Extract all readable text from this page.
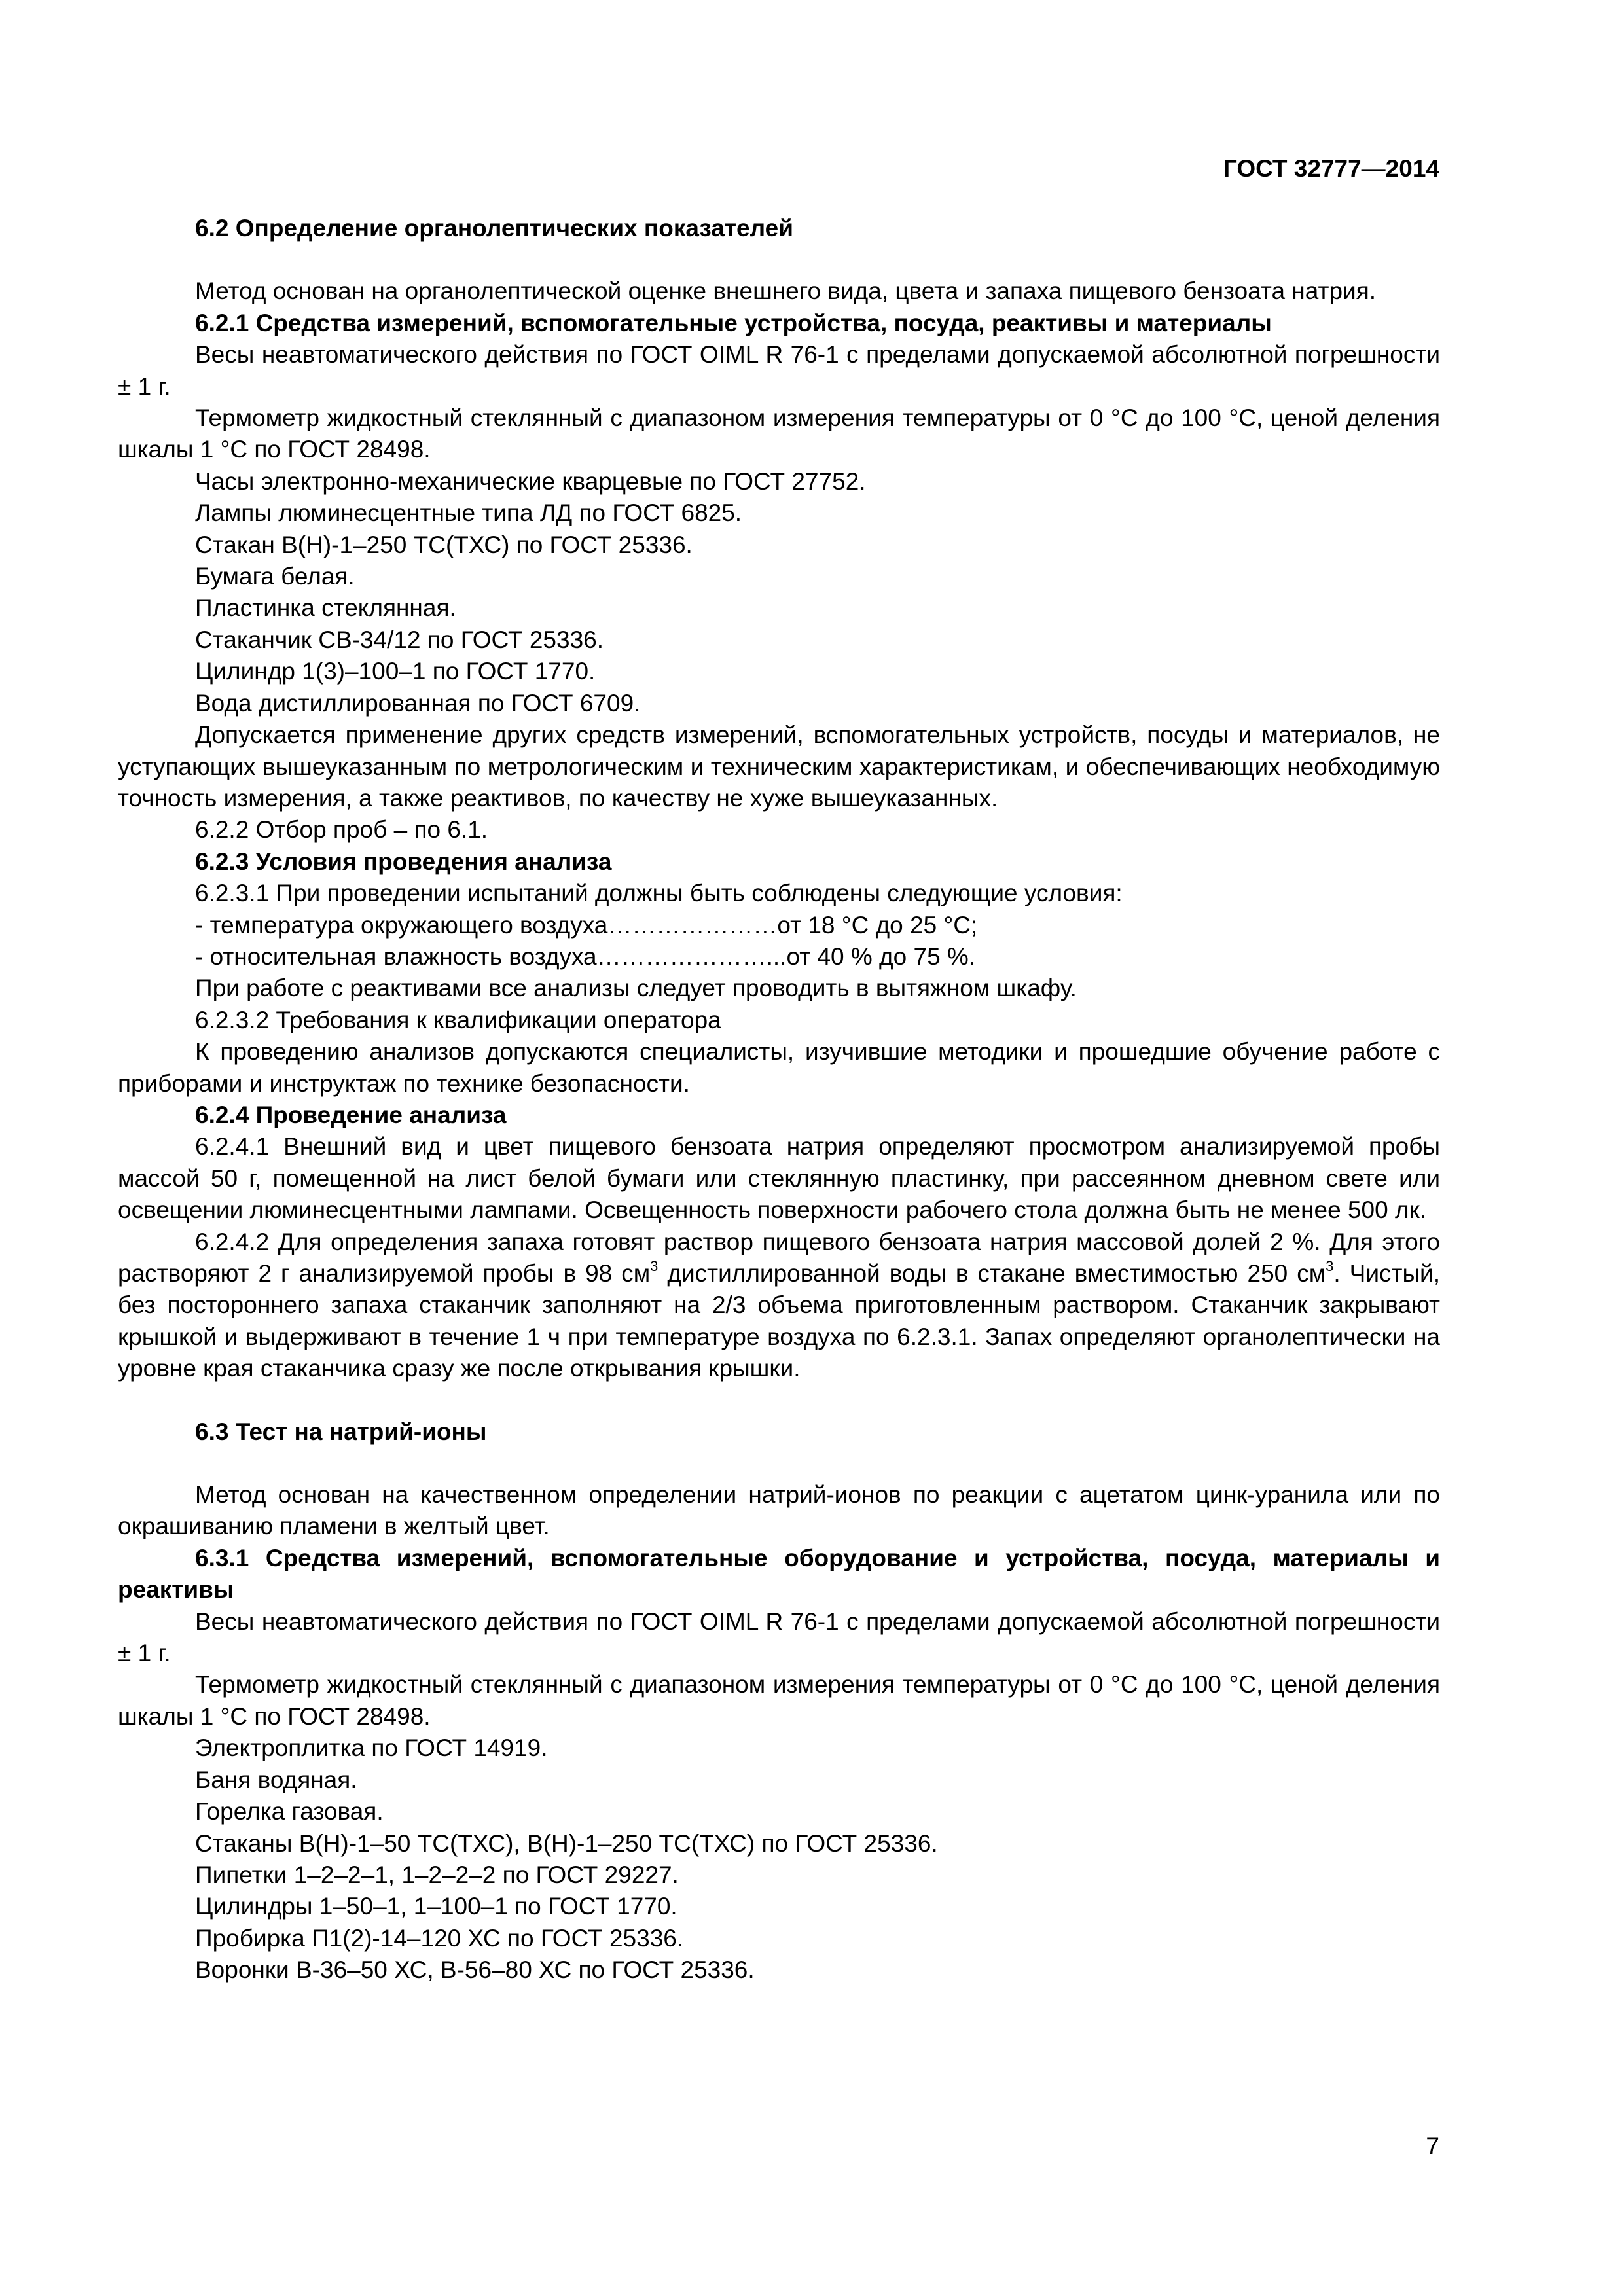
ГОСТ 32777—2014

6.2 Определение органолептических показателей

Метод основан на органолептической оценке внешнего вида, цвета и запаха пищевого бензоата натрия.

6.2.1 Средства измерений, вспомогательные устройства, посуда, реактивы и материалы

Весы неавтоматического действия по ГОСТ OIML R 76-1 с пределами допускаемой абсолютной погрешности ± 1 г.

Термометр жидкостный стеклянный с диапазоном измерения температуры от 0 °С до 100 °С, ценой деления шкалы 1 °С по ГОСТ 28498.

Часы электронно-механические кварцевые по ГОСТ 27752.

Лампы люминесцентные типа ЛД по ГОСТ 6825.

Стакан В(Н)-1–250 ТС(ТХС) по ГОСТ 25336.

Бумага белая.

Пластинка стеклянная.

Стаканчик СВ-34/12 по ГОСТ 25336.

Цилиндр 1(3)–100–1 по ГОСТ 1770.

Вода дистиллированная по ГОСТ 6709.

Допускается применение других средств измерений, вспомогательных устройств, посуды и материалов, не уступающих вышеуказанным по метрологическим и техническим характеристикам, и обеспечивающих необходимую точность измерения, а также реактивов, по качеству не хуже вышеуказанных.

6.2.2 Отбор проб – по 6.1.

6.2.3 Условия проведения анализа

6.2.3.1 При проведении испытаний должны быть соблюдены следующие условия:

- температура окружающего воздуха…………………от 18 °С до 25 °С;

- относительная влажность воздуха…………………...от 40 % до 75 %.

При работе с реактивами все анализы следует проводить в вытяжном шкафу.

6.2.3.2 Требования к квалификации оператора

К проведению анализов допускаются специалисты, изучившие методики и прошедшие обучение работе с приборами и инструктаж по технике безопасности.

6.2.4 Проведение анализа

6.2.4.1 Внешний вид и цвет пищевого бензоата натрия определяют просмотром анализируемой пробы массой 50 г, помещенной на лист белой бумаги или стеклянную пластинку, при рассеянном дневном свете или освещении люминесцентными лампами. Освещенность поверхности рабочего стола должна быть не менее 500 лк.

6.2.4.2 Для определения запаха готовят раствор пищевого бензоата натрия массовой долей 2 %. Для этого растворяют 2 г анализируемой пробы в 98 $см^3$ дистиллированной воды в стакане вместимостью 250 $см^3$. Чистый, без постороннего запаха стаканчик заполняют на 2/3 объема приготовленным раствором. Стаканчик закрывают крышкой и выдерживают в течение 1 ч при температуре воздуха по 6.2.3.1. Запах определяют органолептически на уровне края стаканчика сразу же после открывания крышки.

6.3 Тест на натрий-ионы

Метод основан на качественном определении натрий-ионов по реакции с ацетатом цинк-уранила или по окрашиванию пламени в желтый цвет.

6.3.1 Средства измерений, вспомогательные оборудование и устройства, посуда, материалы и реактивы

Весы неавтоматического действия по ГОСТ OIML R 76-1 с пределами допускаемой абсолютной погрешности ± 1 г.

Термометр жидкостный стеклянный с диапазоном измерения температуры от 0 °С до 100 °С, ценой деления шкалы 1 °С по ГОСТ 28498.

Электроплитка по ГОСТ 14919.

Баня водяная.

Горелка газовая.

Стаканы В(Н)-1–50 ТС(ТХС), В(Н)-1–250 ТС(ТХС) по ГОСТ 25336.

Пипетки 1–2–2–1, 1–2–2–2 по ГОСТ 29227.

Цилиндры 1–50–1, 1–100–1 по ГОСТ 1770.

Пробирка П1(2)-14–120 ХС по ГОСТ 25336.

Воронки В-36–50 ХС, В-56–80 ХС по ГОСТ 25336.

7
